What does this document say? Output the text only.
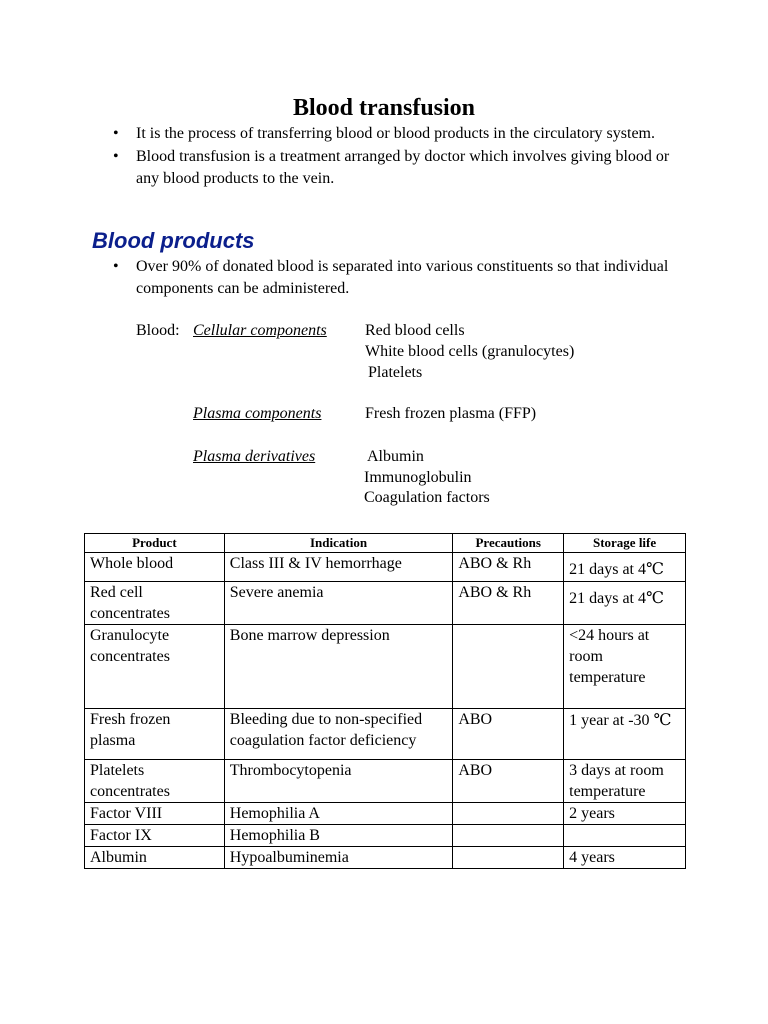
Blood transfusion
• It is the process of transferring blood or blood products in the circulatory system.
• Blood transfusion is a treatment arranged by doctor which involves giving blood or any blood products to the vein.
Blood products
• Over 90% of donated blood is separated into various constituents so that individual components can be administered.
Blood: Cellular components Red blood cells
White blood cells (granulocytes)
Platelets
Plasma components	Fresh frozen plasma (FFP)
Plasma derivatives	Albumin
Immunoglobulin
Coagulation factors
Product	Indication	Precautions	Storage life
Whole blood	Class III & IV hemorrhage	ABO & Rh	21 days at 4℃
Red cell concentrates	Severe anemia	ABO & Rh	21 days at 4℃
Granulocyte concentrates	Bone marrow depression		<24 hours at room temperature
Fresh frozen plasma	Bleeding due to non-specified coagulation factor deficiency	ABO	1 year at -30 ℃
Platelets concentrates	Thrombocytopenia	ABO	3 days at room temperature
Factor VIII	Hemophilia A		2 years
Factor IX	Hemophilia B		
Albumin	Hypoalbuminemia		4 years
